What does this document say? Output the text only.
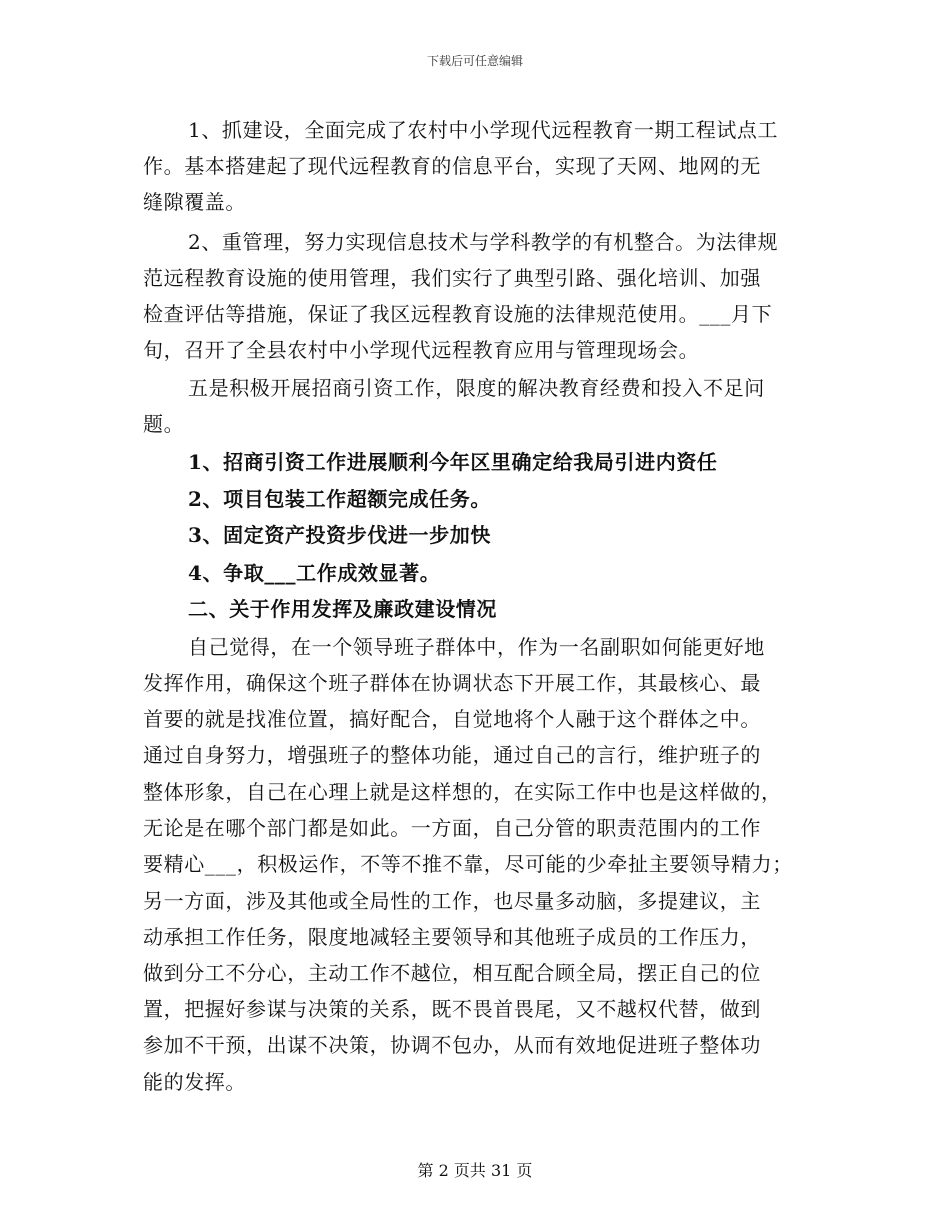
下载后可任意编辑
1、抓建设，全面完成了农村中小学现代远程教育一期工程试点工
作。基本搭建起了现代远程教育的信息平台，实现了天网、地网的无
缝隙覆盖。
2、重管理，努力实现信息技术与学科教学的有机整合。为法律规
范远程教育设施的使用管理，我们实行了典型引路、强化培训、加强
检查评估等措施，保证了我区远程教育设施的法律规范使用。___月下
旬，召开了全县农村中小学现代远程教育应用与管理现场会。
五是积极开展招商引资工作，限度的解决教育经费和投入不足问
题。
1、招商引资工作进展顺利今年区里确定给我局引进内资任
2、项目包装工作超额完成任务。
3、固定资产投资步伐进一步加快
4、争取___工作成效显著。
二、关于作用发挥及廉政建设情况
自己觉得，在一个领导班子群体中，作为一名副职如何能更好地
发挥作用，确保这个班子群体在协调状态下开展工作，其最核心、最
首要的就是找准位置，搞好配合，自觉地将个人融于这个群体之中。
通过自身努力，增强班子的整体功能，通过自己的言行，维护班子的
整体形象，自己在心理上就是这样想的，在实际工作中也是这样做的，
无论是在哪个部门都是如此。一方面，自己分管的职责范围内的工作
要精心___，积极运作，不等不推不靠，尽可能的少牵扯主要领导精力；
另一方面，涉及其他或全局性的工作，也尽量多动脑，多提建议，主
动承担工作任务，限度地减轻主要领导和其他班子成员的工作压力，
做到分工不分心，主动工作不越位，相互配合顾全局，摆正自己的位
置，把握好参谋与决策的关系，既不畏首畏尾，又不越权代替，做到
参加不干预，出谋不决策，协调不包办，从而有效地促进班子整体功
能的发挥。
第 2 页共 31 页
